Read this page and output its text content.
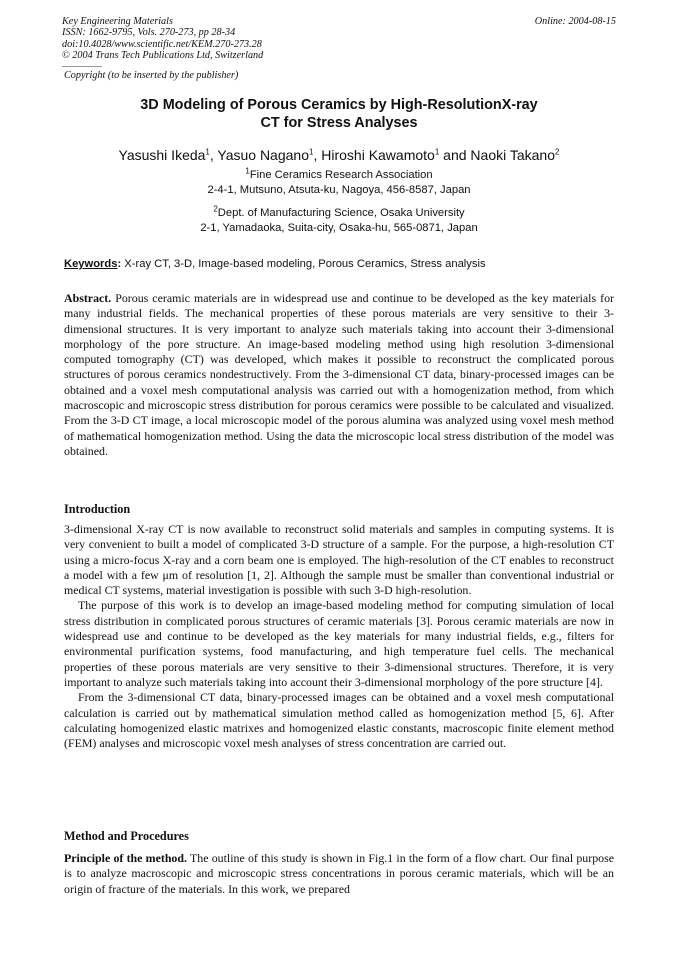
Key Engineering Materials
ISSN: 1662-9795, Vols. 270-273, pp 28-34
doi:10.4028/www.scientific.net/KEM.270-273.28
© 2004 Trans Tech Publications Ltd, Switzerland
Online: 2004-08-15
Copyright (to be inserted by the publisher)
3D Modeling of Porous Ceramics by High-ResolutionX-ray
CT for Stress Analyses
Yasushi Ikeda$^1$, Yasuo Nagano$^1$, Hiroshi Kawamoto$^1$ and Naoki Takano$^2$
$^1$Fine Ceramics Research Association
2-4-1, Mutsuno, Atsuta-ku, Nagoya, 456-8587, Japan
$^2$Dept. of Manufacturing Science, Osaka University
2-1, Yamadaoka, Suita-city, Osaka-hu, 565-0871, Japan
Keywords: X-ray CT, 3-D, Image-based modeling, Porous Ceramics, Stress analysis
Abstract. Porous ceramic materials are in widespread use and continue to be developed as the key materials for many industrial fields. The mechanical properties of these porous materials are very sensitive to their 3-dimensional structures. It is very important to analyze such materials taking into account their 3-dimensional morphology of the pore structure. An image-based modeling method using high resolution 3-dimensional computed tomography (CT) was developed, which makes it possible to reconstruct the complicated porous structures of porous ceramics nondestructively. From the 3-dimensional CT data, binary-processed images can be obtained and a voxel mesh computational analysis was carried out with a homogenization method, from which macroscopic and microscopic stress distribution for porous ceramics were possible to be calculated and visualized. From the 3-D CT image, a local microscopic model of the porous alumina was analyzed using voxel mesh method of mathematical homogenization method. Using the data the microscopic local stress distribution of the model was obtained.
Introduction

3-dimensional X-ray CT is now available to reconstruct solid materials and samples in computing systems. It is very convenient to built a model of complicated 3-D structure of a sample. For the purpose, a high-resolution CT using a micro-focus X-ray and a corn beam one is employed. The high-resolution of the CT enables to reconstruct a model with a few μm of resolution [1, 2]. Although the sample must be smaller than conventional industrial or medical CT systems, material investigation is possible with such 3-D high-resolution.

The purpose of this work is to develop an image-based modeling method for computing simulation of local stress distribution in complicated porous structures of ceramic materials [3]. Porous ceramic materials are now in widespread use and continue to be developed as the key materials for many industrial fields, e.g., filters for environmental purification systems, food manufacturing, and high temperature fuel cells. The mechanical properties of these porous materials are very sensitive to their 3-dimensional structures. Therefore, it is very important to analyze such materials taking into account their 3-dimensional morphology of the pore structure [4].

From the 3-dimensional CT data, binary-processed images can be obtained and a voxel mesh computational calculation is carried out by mathematical simulation method called as homogenization method [5, 6]. After calculating homogenized elastic matrixes and homogenized elastic constants, macroscopic finite element method (FEM) analyses and microscopic voxel mesh analyses of stress concentration are carried out.

Method and Procedures
Principle of the method. The outline of this study is shown in Fig.1 in the form of a flow chart. Our final purpose is to analyze macroscopic and microscopic stress concentrations in porous ceramic materials, which will be an origin of fracture of the materials. In this work, we prepared
